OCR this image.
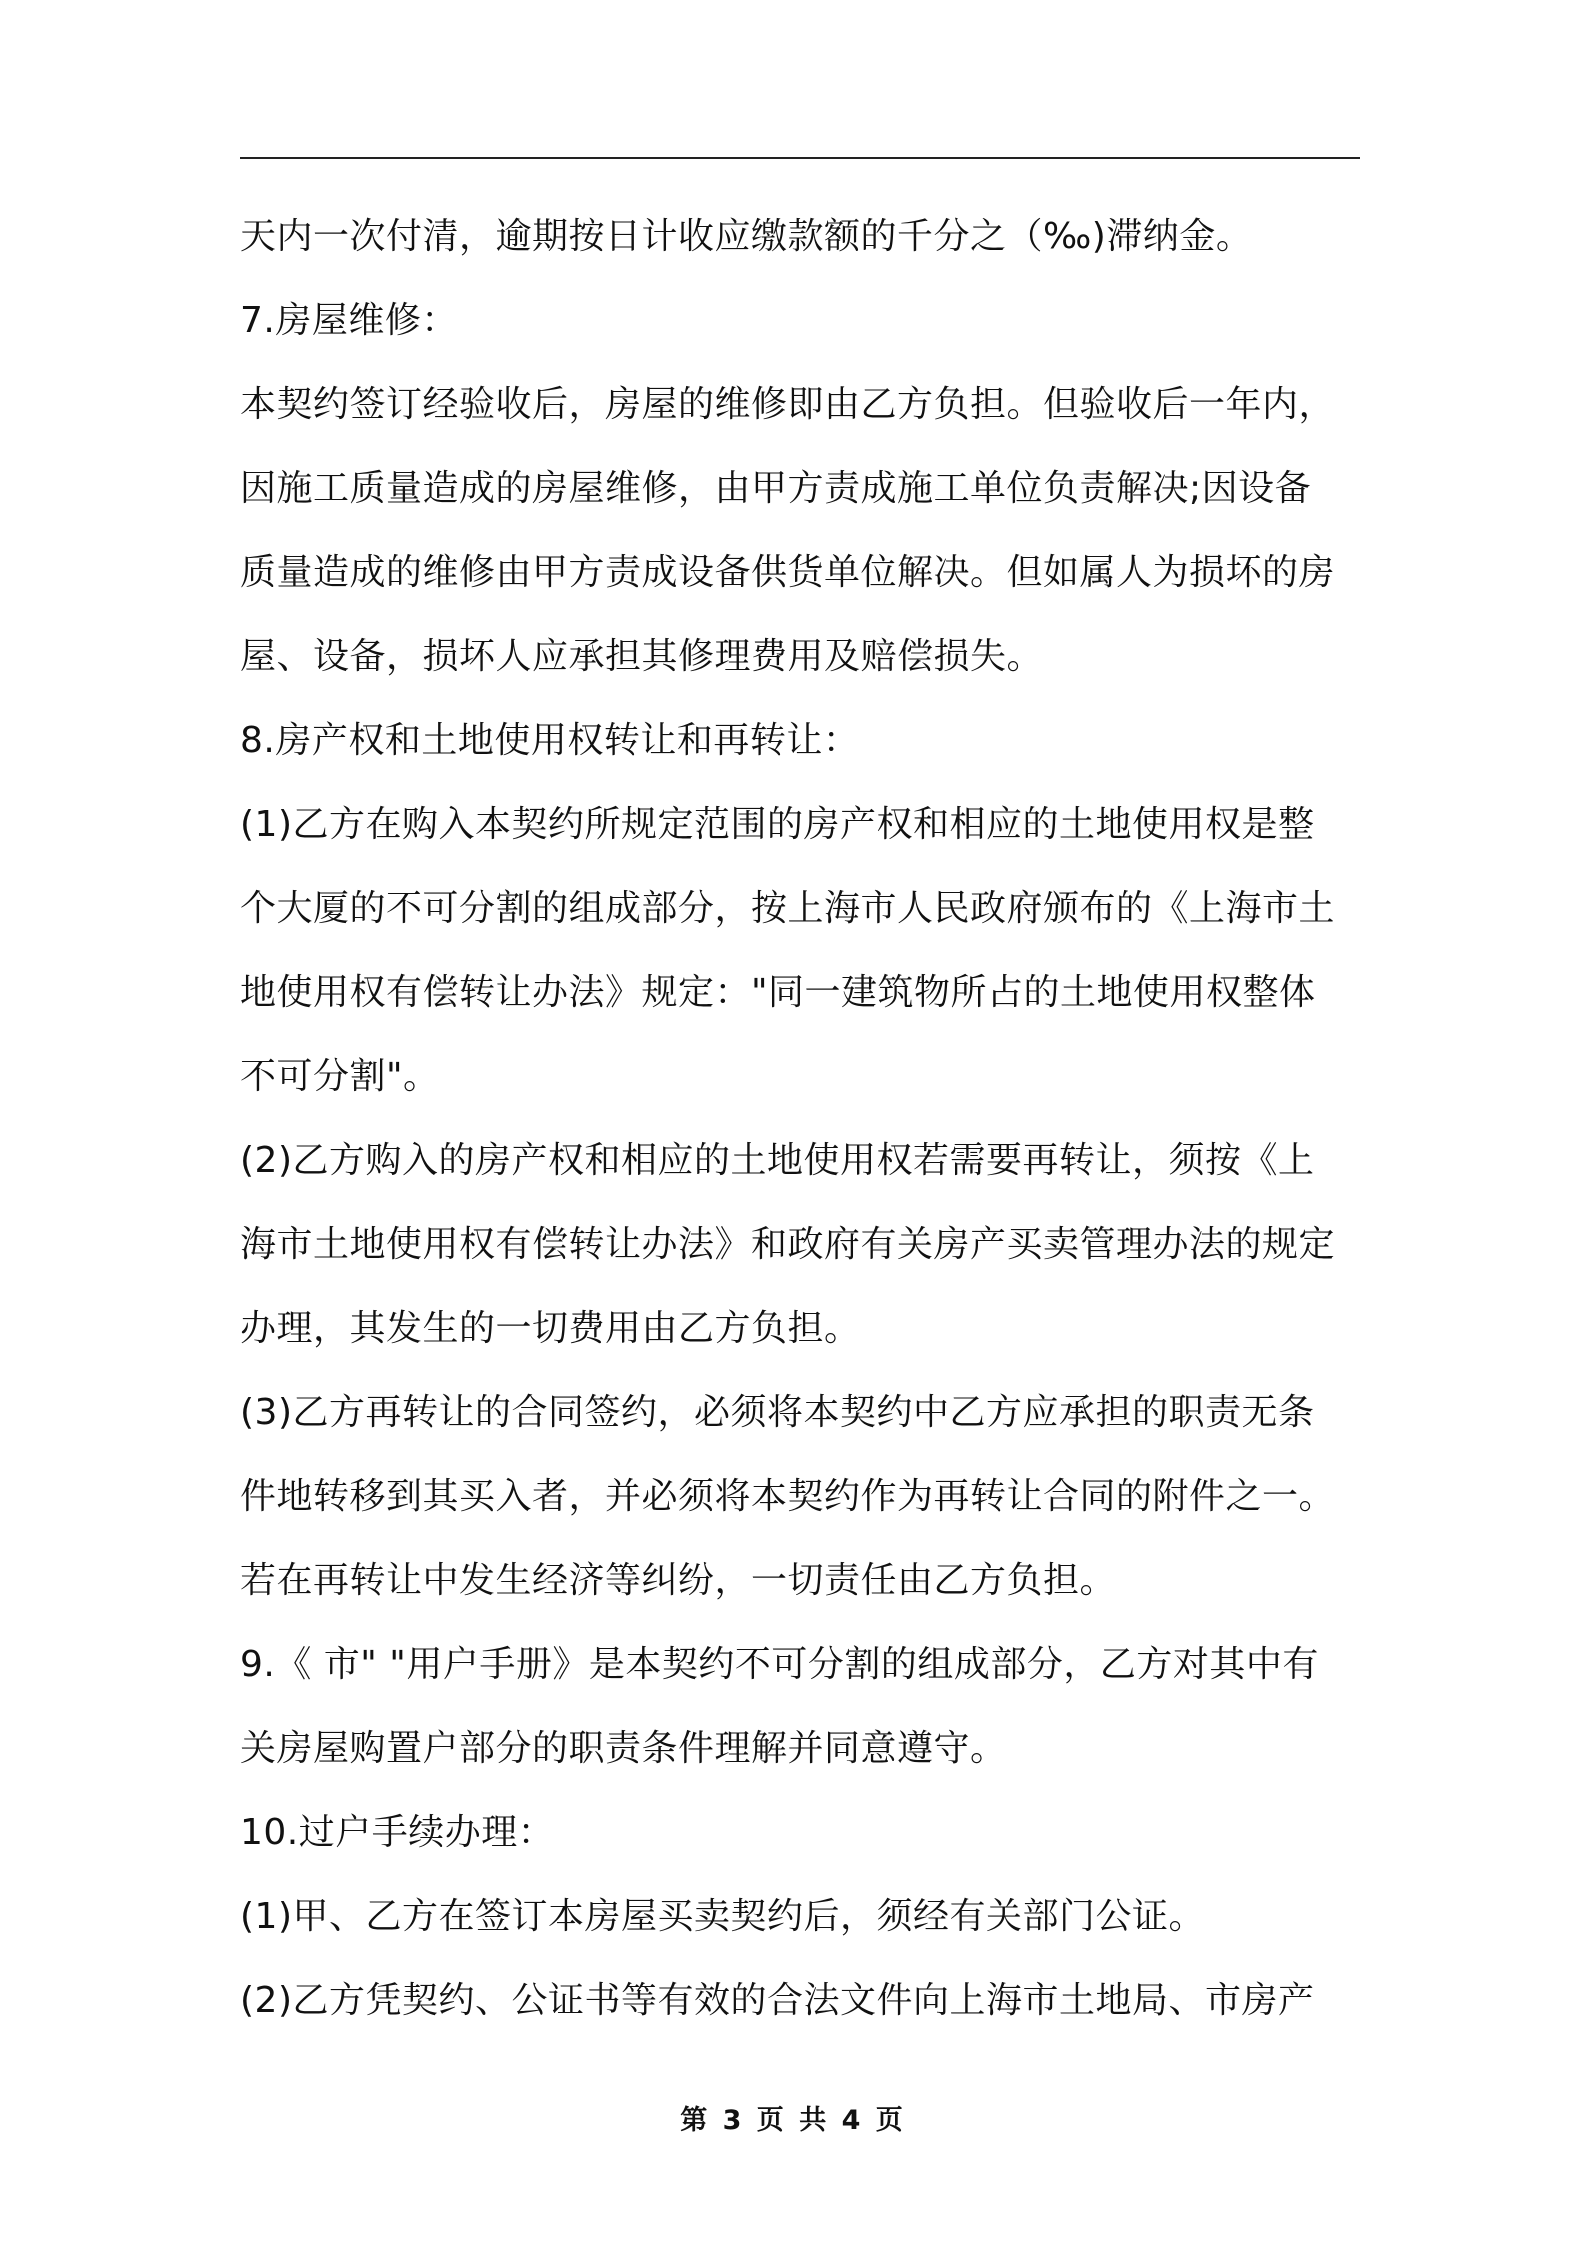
天内一次付清，逾期按日计收应缴款额的千分之（‰)滞纳金。
7.房屋维修：
本契约签订经验收后，房屋的维修即由乙方负担。但验收后一年内，
因施工质量造成的房屋维修，由甲方责成施工单位负责解决;因设备
质量造成的维修由甲方责成设备供货单位解决。但如属人为损坏的房
屋、设备，损坏人应承担其修理费用及赔偿损失。
8.房产权和土地使用权转让和再转让：
(1)乙方在购入本契约所规定范围的房产权和相应的土地使用权是整
个大厦的不可分割的组成部分，按上海市人民政府颁布的《上海市土
地使用权有偿转让办法》规定："同一建筑物所占的土地使用权整体
不可分割"。
(2)乙方购入的房产权和相应的土地使用权若需要再转让，须按《上
海市土地使用权有偿转让办法》和政府有关房产买卖管理办法的规定
办理，其发生的一切费用由乙方负担。
(3)乙方再转让的合同签约，必须将本契约中乙方应承担的职责无条
件地转移到其买入者，并必须将本契约作为再转让合同的附件之一。
若在再转让中发生经济等纠纷，一切责任由乙方负担。
9.《 市" "用户手册》是本契约不可分割的组成部分，乙方对其中有
关房屋购置户部分的职责条件理解并同意遵守。
10.过户手续办理：
(1)甲、乙方在签订本房屋买卖契约后，须经有关部门公证。
(2)乙方凭契约、公证书等有效的合法文件向上海市土地局、市房产
第 3 页 共 4 页
